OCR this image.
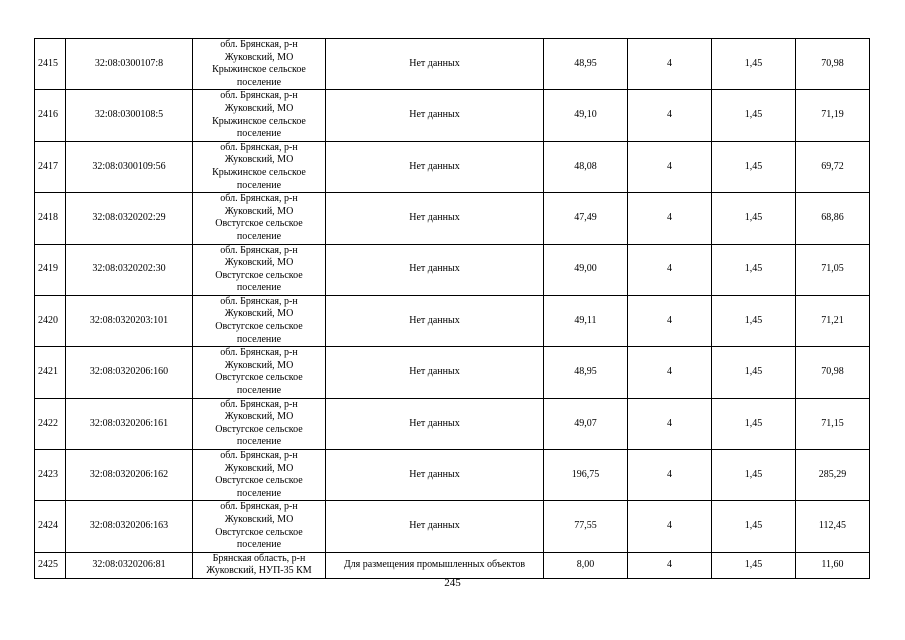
2415	32:08:0300107:8	обл. Брянская, р-н
Жуковский, МО
Крыжинское сельское
поселение	Нет данных	48,95	4	1,45	70,98
2416	32:08:0300108:5	обл. Брянская, р-н
Жуковский, МО
Крыжинское сельское
поселение	Нет данных	49,10	4	1,45	71,19
2417	32:08:0300109:56	обл. Брянская, р-н
Жуковский, МО
Крыжинское сельское
поселение	Нет данных	48,08	4	1,45	69,72
2418	32:08:0320202:29	обл. Брянская, р-н
Жуковский, МО
Овстугское сельское
поселение	Нет данных	47,49	4	1,45	68,86
2419	32:08:0320202:30	обл. Брянская, р-н
Жуковский, МО
Овстугское сельское
поселение	Нет данных	49,00	4	1,45	71,05
2420	32:08:0320203:101	обл. Брянская, р-н
Жуковский, МО
Овстугское сельское
поселение	Нет данных	49,11	4	1,45	71,21
2421	32:08:0320206:160	обл. Брянская, р-н
Жуковский, МО
Овстугское сельское
поселение	Нет данных	48,95	4	1,45	70,98
2422	32:08:0320206:161	обл. Брянская, р-н
Жуковский, МО
Овстугское сельское
поселение	Нет данных	49,07	4	1,45	71,15
2423	32:08:0320206:162	обл. Брянская, р-н
Жуковский, МО
Овстугское сельское
поселение	Нет данных	196,75	4	1,45	285,29
2424	32:08:0320206:163	обл. Брянская, р-н
Жуковский, МО
Овстугское сельское
поселение	Нет данных	77,55	4	1,45	112,45
2425	32:08:0320206:81	Брянская область, р-н
Жуковский, НУП-35 КМ	Для размещения промышленных объектов	8,00	4	1,45	11,60
245
